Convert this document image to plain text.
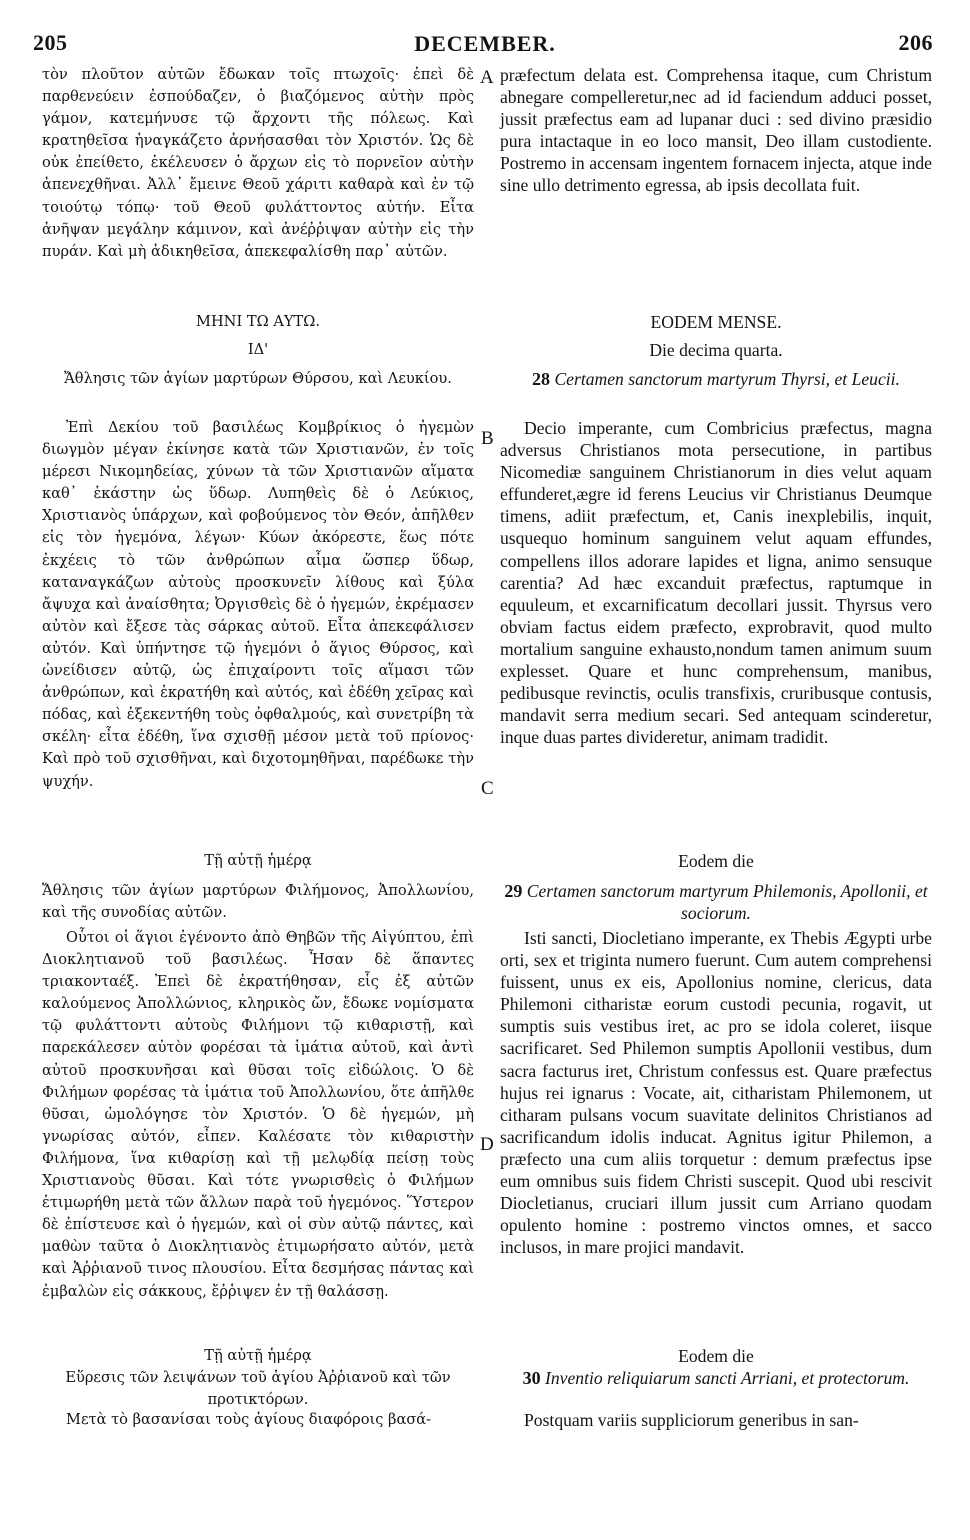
205	DECEMBER.	206
A
B
C
D

τὸν πλοῦτον αὐτῶν ἔδωκαν τοῖς πτωχοῖς· ἐπεὶ δὲ παρθενεύειν ἐσπούδαζεν, ὁ βιαζόμενος αὐτὴν πρὸς γάμον, κατεμήνυσε τῷ ἄρχοντι τῆς πόλεως. Καὶ κρατηθεῖσα ἠναγκάζετο ἀρνήσασθαι τὸν Χριστόν. Ὡς δὲ οὐκ ἐπείθετο, ἐκέλευσεν ὁ ἄρχων εἰς τὸ πορνεῖον αὐτὴν ἀπενεχθῆναι. Ἀλλ᾽ ἔμεινε Θεοῦ χάριτι καθαρὰ καὶ ἐν τῷ τοιούτῳ τόπῳ· τοῦ Θεοῦ φυλάττοντος αὐτήν. Εἶτα ἀνῆψαν μεγάλην κάμινον, καὶ ἀνέῤῥιψαν αὐτὴν εἰς τὴν πυράν. Καὶ μὴ ἀδικηθεῖσα, ἀπεκεφαλίσθη παρ᾽ αὐτῶν.

ΜΗΝΙ ΤΩ ΑΥΤΩ.

ΙΔ'

Ἄθλησις τῶν ἁγίων μαρτύρων Θύρσου, καὶ Λευκίου.

Ἐπὶ Δεκίου τοῦ βασιλέως Κομβρίκιος ὁ ἡγεμὼν διωγμὸν μέγαν ἐκίνησε κατὰ τῶν Χριστιανῶν, ἐν τοῖς μέρεσι Νικομηδείας, χύνων τὰ τῶν Χριστιανῶν αἵματα καθ᾽ ἑκάστην ὡς ὕδωρ. Λυπηθεὶς δὲ ὁ Λεύκιος, Χριστιανὸς ὑπάρχων, καὶ φοβούμενος τὸν Θεόν, ἀπῆλθεν εἰς τὸν ἡγεμόνα, λέγων· Κύων ἀκόρεστε, ἕως πότε ἐκχέεις τὸ τῶν ἀνθρώπων αἷμα ὥσπερ ὕδωρ, καταναγκάζων αὐτοὺς προσκυνεῖν λίθους καὶ ξύλα ἄψυχα καὶ ἀναίσθητα; Ὀργισθεὶς δὲ ὁ ἡγεμών, ἐκρέμασεν αὐτὸν καὶ ἔξεσε τὰς σάρκας αὐτοῦ. Εἶτα ἀπεκεφάλισεν αὐτόν. Καὶ ὑπήντησε τῷ ἡγεμόνι ὁ ἅγιος Θύρσος, καὶ ὠνείδισεν αὐτῷ, ὡς ἐπιχαίροντι τοῖς αἵμασι τῶν ἀνθρώπων, καὶ ἐκρατήθη καὶ αὐτός, καὶ ἐδέθη χεῖρας καὶ πόδας, καὶ ἐξεκεντήθη τοὺς ὀφθαλμούς, καὶ συνετρίβη τὰ σκέλη· εἶτα ἐδέθη, ἵνα σχισθῇ μέσον μετὰ τοῦ πρίονος· Καὶ πρὸ τοῦ σχισθῆναι, καὶ διχοτομηθῆναι, παρέδωκε τὴν ψυχήν.

Τῇ αὐτῇ ἡμέρᾳ

Ἄθλησις τῶν ἁγίων μαρτύρων Φιλήμονος, Ἀπολλωνίου, καὶ τῆς συνοδίας αὐτῶν.

Οὗτοι οἱ ἅγιοι ἐγένοντο ἀπὸ Θηβῶν τῆς Αἰγύπτου, ἐπὶ Διοκλητιανοῦ τοῦ βασιλέως. Ἦσαν δὲ ἅπαντες τριακονταέξ. Ἐπεὶ δὲ ἐκρατήθησαν, εἷς ἐξ αὐτῶν καλούμενος Ἀπολλώνιος, κληρικὸς ὤν, ἔδωκε νομίσματα τῷ φυλάττοντι αὐτοὺς Φιλήμονι τῷ κιθαριστῇ, καὶ παρεκάλεσεν αὐτὸν φορέσαι τὰ ἱμάτια αὐτοῦ, καὶ ἀντὶ αὐτοῦ προσκυνῆσαι καὶ θῦσαι τοῖς εἰδώλοις. Ὁ δὲ Φιλήμων φορέσας τὰ ἱμάτια τοῦ Ἀπολλωνίου, ὅτε ἀπῆλθε θῦσαι, ὡμολόγησε τὸν Χριστόν. Ὁ δὲ ἡγεμών, μὴ γνωρίσας αὐτόν, εἶπεν. Καλέσατε τὸν κιθαριστὴν Φιλήμονα, ἵνα κιθαρίσῃ καὶ τῇ μελῳδίᾳ πείσῃ τοὺς Χριστιανοὺς θῦσαι. Καὶ τότε γνωρισθεὶς ὁ Φιλήμων ἐτιμωρήθη μετὰ τῶν ἄλλων παρὰ τοῦ ἡγεμόνος. Ὕστερον δὲ ἐπίστευσε καὶ ὁ ἡγεμών, καὶ οἱ σὺν αὐτῷ πάντες, καὶ μαθὼν ταῦτα ὁ Διοκλητιανὸς ἐτιμωρήσατο αὐτόν, μετὰ καὶ Ἀῤῥιανοῦ τινος πλουσίου. Εἶτα δεσμήσας πάντας καὶ ἐμβαλὼν εἰς σάκκους, ἔῤῥιψεν ἐν τῇ θαλάσσῃ.

Τῇ αὐτῇ ἡμέρᾳ

Εὕρεσις τῶν λειψάνων τοῦ ἁγίου Ἀῤῥιανοῦ καὶ τῶν προτικτόρων.

Μετὰ τὸ βασανίσαι τοὺς ἁγίους διαφόροις βασά-

præfectum delata est. Comprehensa itaque, cum Christum abnegare compelleretur,nec ad id faciendum adduci posset, jussit præfectus eam ad lupanar duci : sed divino præsidio pura intactaque in eo loco mansit, Deo illam custodiente. Postremo in accensam ingentem fornacem injecta, atque inde sine ullo detrimento egressa, ab ipsis decollata fuit.

EODEM MENSE.

Die decima quarta.

28 Certamen sanctorum martyrum Thyrsi, et Leucii.

Decio imperante, cum Combricius præfectus, magna adversus Christianos mota persecutione, in partibus Nicomediæ sanguinem Christianorum in dies velut aquam effunderet,ægre id ferens Leucius vir Christianus Deumque timens, adiit præfectum, et, Canis inexplebilis, inquit, usquequo hominum sanguinem velut aquam effundes, compellens illos adorare lapides et ligna, animo sensuque carentia? Ad hæc excanduit præfectus, raptumque in equuleum, et excarnificatum decollari jussit. Thyrsus vero obviam factus eidem præfecto, exprobravit, quod multo mortalium sanguine exhausto,nondum tamen animum suum explesset. Quare et hunc comprehensum, manibus, pedibusque revinctis, oculis transfixis, cruribusque contusis, mandavit serra medium secari. Sed antequam scinderetur, inque duas partes divideretur, animam tradidit.

Eodem die

29 Certamen sanctorum martyrum Philemonis, Apollonii, et sociorum.

Isti sancti, Diocletiano imperante, ex Thebis Ægypti urbe orti, sex et triginta numero fuerunt. Cum autem comprehensi fuissent, unus ex eis, Apollonius nomine, clericus, data Philemoni citharistæ eorum custodi pecunia, rogavit, ut sumptis suis vestibus iret, ac pro se idola coleret, iisque sacrificaret. Sed Philemon sumptis Apollonii vestibus, dum sacra facturus iret, Christum confessus est. Quare præfectus hujus rei ignarus : Vocate, ait, citharistam Philemonem, ut citharam pulsans vocum suavitate delinitos Christianos ad sacrificandum idolis inducat. Agnitus igitur Philemon, a præfecto una cum aliis torquetur : demum præfectus ipse eum omnibus suis fidem Christi suscepit. Quod ubi rescivit Diocletianus, cruciari illum jussit cum Arriano quodam opulento homine : postremo vinctos omnes, et sacco inclusos, in mare projici mandavit.

Eodem die

30 Inventio reliquiarum sancti Arriani, et protectorum.

Postquam variis suppliciorum generibus in san-
